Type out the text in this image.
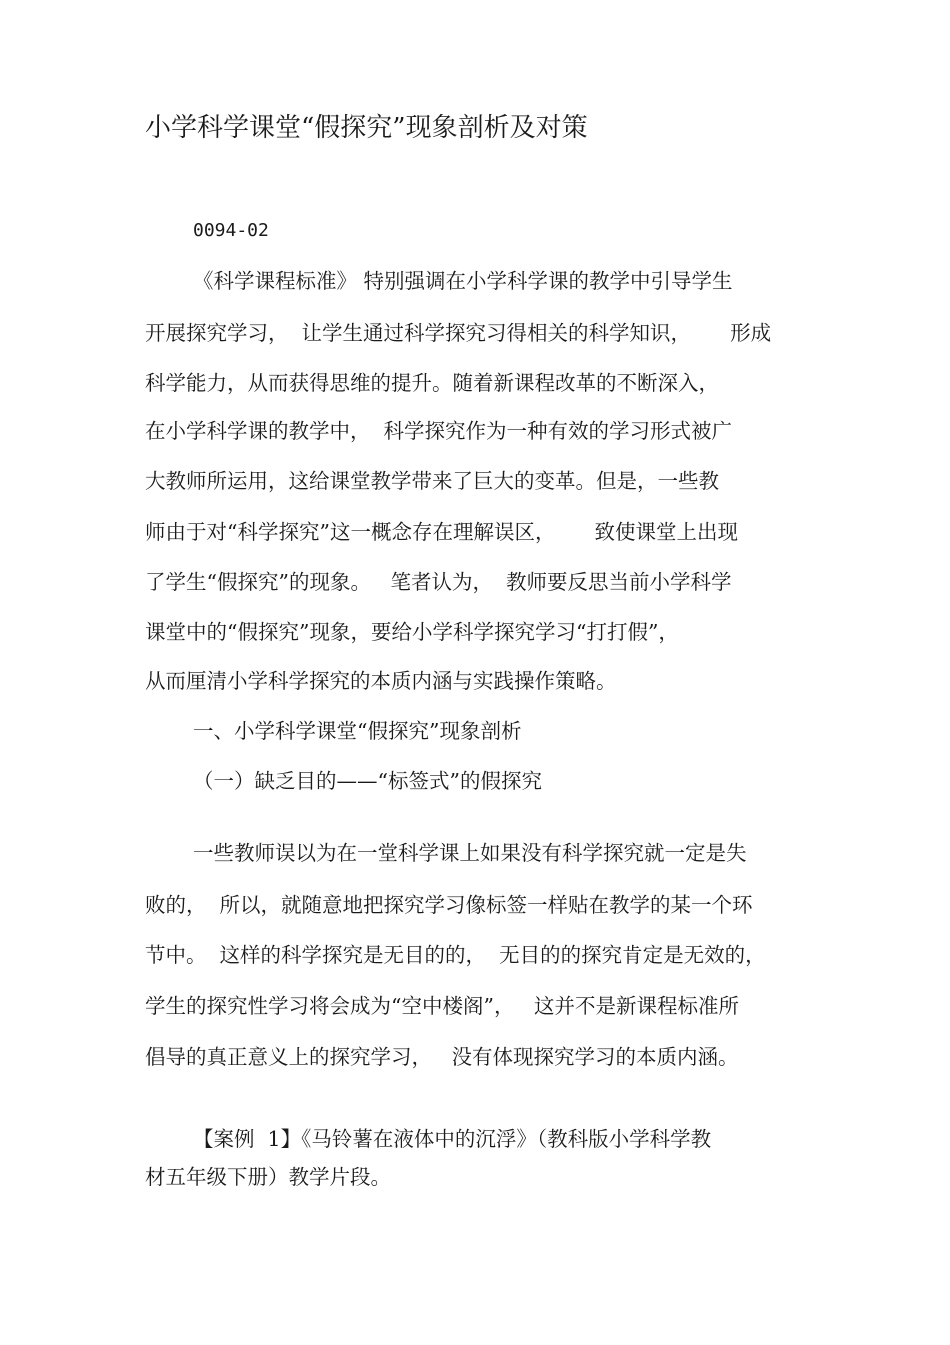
小学科学课堂“假探究”现象剖析及对策
0094-02
《科学课程标准》 特别强调在小学科学课的教学中引导学生
开展探究学习，  让学生通过科学探究习得相关的科学知识，      形成
科学能力，从而获得思维的提升。随着新课程改革的不断深入，
在小学科学课的教学中，  科学探究作为一种有效的学习形式被广
大教师所运用，这给课堂教学带来了巨大的变革。但是，一些教
师由于对“科学探究”这一概念存在理解误区，      致使课堂上出现
了学生“假探究”的现象。   笔者认为，  教师要反思当前小学科学
课堂中的“假探究”现象，要给小学科学探究学习“打打假”，
从而厘清小学科学探究的本质内涵与实践操作策略。
一、小学科学课堂“假探究”现象剖析
（一）缺乏目的——“标签式”的假探究
一些教师误以为在一堂科学课上如果没有科学探究就一定是失
败的，  所以，就随意地把探究学习像标签一样贴在教学的某一个环
节中。  这样的科学探究是无目的的，  无目的的探究肯定是无效的，
学生的探究性学习将会成为“空中楼阁”，   这并不是新课程标准所
倡导的真正意义上的探究学习，   没有体现探究学习的本质内涵。
【案例  1】《马铃薯在液体中的沉浮》（教科版小学科学教
材五年级下册）教学片段。
